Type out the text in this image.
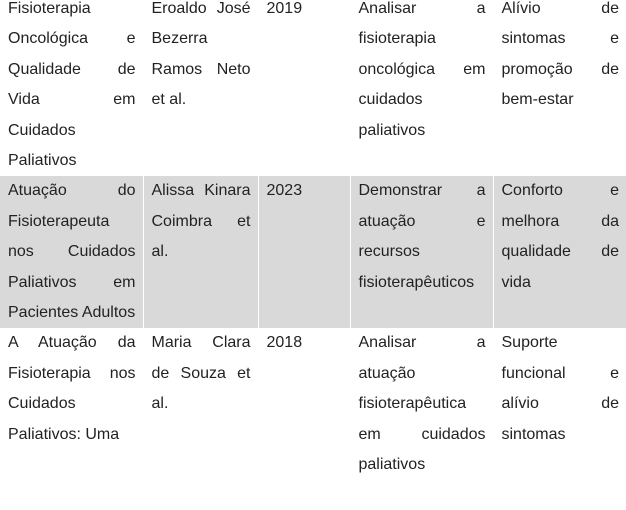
Fisioterapia Oncológica e Qualidade de Vida em Cuidados Paliativos	Eroaldo José Bezerra Ramos Neto et al.	2019	Analisar a fisioterapia oncológica em cuidados paliativos	Alívio de sintomas e promoção de bem-estar

Atuação do Fisioterapeuta nos Cuidados Paliativos em Pacientes Adultos	Alissa Kinara Coimbra et al.	2023	Demonstrar a atuação e recursos fisioterapêuticos	Conforto e melhora da qualidade de vida

A Atuação da Fisioterapia nos Cuidados Paliativos: Uma	Maria Clara de Souza et al.	2018	Analisar a atuação fisioterapêutica em cuidados paliativos	Suporte funcional e alívio de sintomas
